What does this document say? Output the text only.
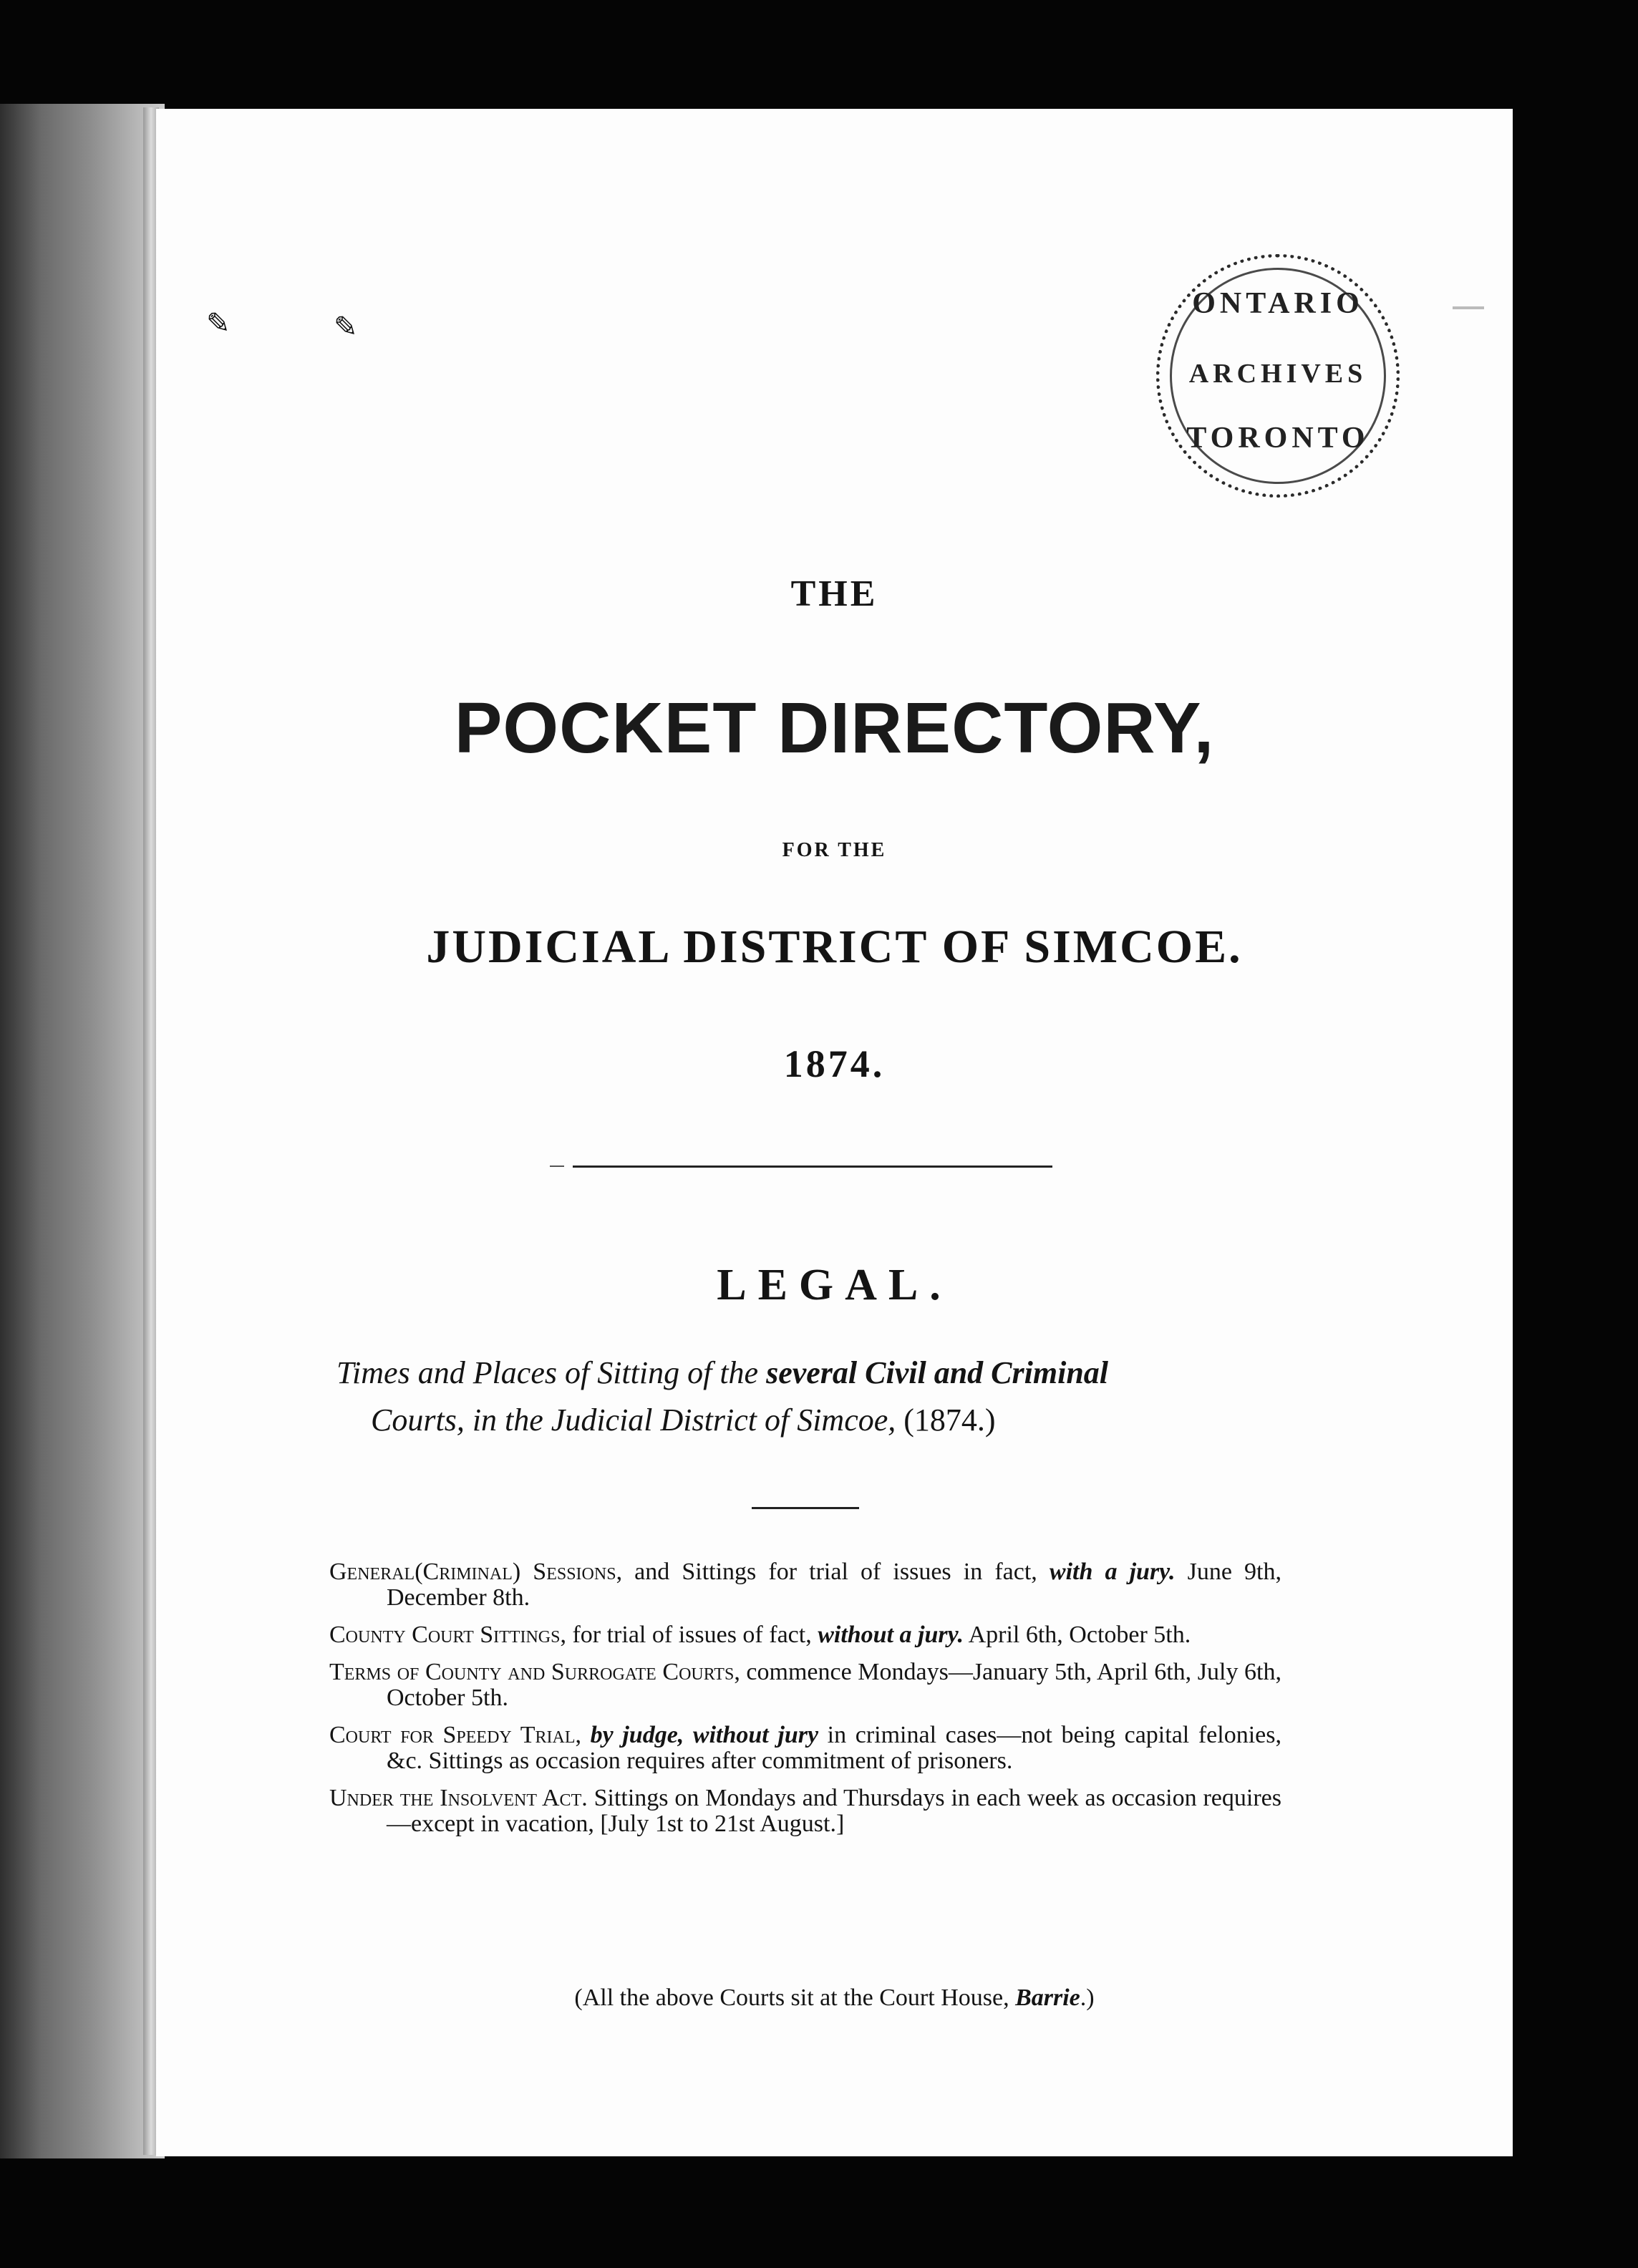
✎	✎
ONTARIO
ARCHIVES
TORONTO

THE

POCKET DIRECTORY,

FOR THE

JUDICIAL DISTRICT OF SIMCOE.

1874.

LEGAL.

Times and Places of Sitting of the several Civil and Criminal
Courts, in the Judicial District of Simcoe, (1874.)

General(Criminal) Sessions, and Sittings for trial of issues in fact, with a jury. June 9th, December 8th.
County Court Sittings, for trial of issues of fact, without a jury. April 6th, October 5th.
Terms of County and Surrogate Courts, commence Mondays—January 5th, April 6th, July 6th, October 5th.
Court for Speedy Trial, by judge, without jury in criminal cases—not being capital felonies, &c. Sittings as occasion requires after commitment of prisoners.
Under the Insolvent Act. Sittings on Mondays and Thursdays in each week as occasion requires—except in vacation, [July 1st to 21st August.]

(All the above Courts sit at the Court House, Barrie.)
